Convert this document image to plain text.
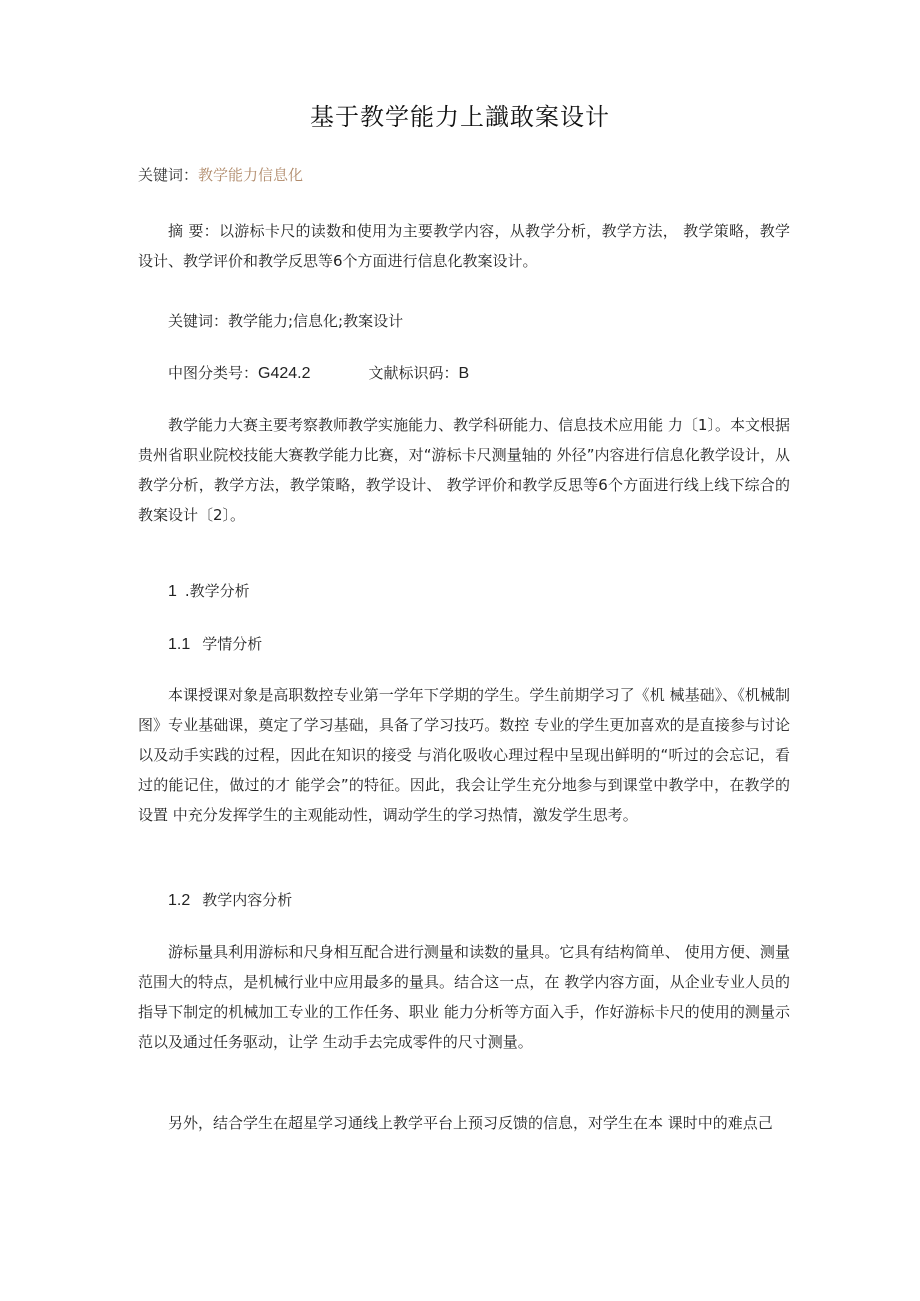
基于教学能力上讖敢案设计
关键词：教学能力信息化

摘 要：以游标卡尺的读数和使用为主要教学内容，从教学分析，教学方法， 教学策略，教学设计、教学评价和教学反思等6个方面进行信息化教案设计。

关键词：教学能力;信息化;教案设计
中图分类号：G424.2	文献标识码：B

教学能力大赛主要考察教师教学实施能力、教学科研能力、信息技术应用能 力〔1〕。本文根据贵州省职业院校技能大赛教学能力比赛，对“游标卡尺测量轴的 外径”内容进行信息化教学设计，从教学分析，教学方法，教学策略，教学设计、 教学评价和教学反思等6个方面进行线上线下综合的教案设计〔2〕。

1 .教学分析
1.1 学情分析

本课授课对象是高职数控专业第一学年下学期的学生。学生前期学习了《机 械基础》、《机械制图》专业基础课，奠定了学习基础，具备了学习技巧。数控 专业的学生更加喜欢的是直接参与讨论以及动手实践的过程，因此在知识的接受 与消化吸收心理过程中呈现出鲜明的“听过的会忘记，看过的能记住，做过的才 能学会”的特征。因此，我会让学生充分地参与到课堂中教学中，在教学的设置 中充分发挥学生的主观能动性，调动学生的学习热情，激发学生思考。

1.2 教学内容分析

游标量具利用游标和尺身相互配合进行测量和读数的量具。它具有结构简单、 使用方便、测量范围大的特点，是机械行业中应用最多的量具。结合这一点，在 教学内容方面，从企业专业人员的指导下制定的机械加工专业的工作任务、职业 能力分析等方面入手，作好游标卡尺的使用的测量示范以及通过任务驱动，让学 生动手去完成零件的尺寸测量。

另外，结合学生在超星学习通线上教学平台上预习反馈的信息，对学生在本 课时中的难点己
